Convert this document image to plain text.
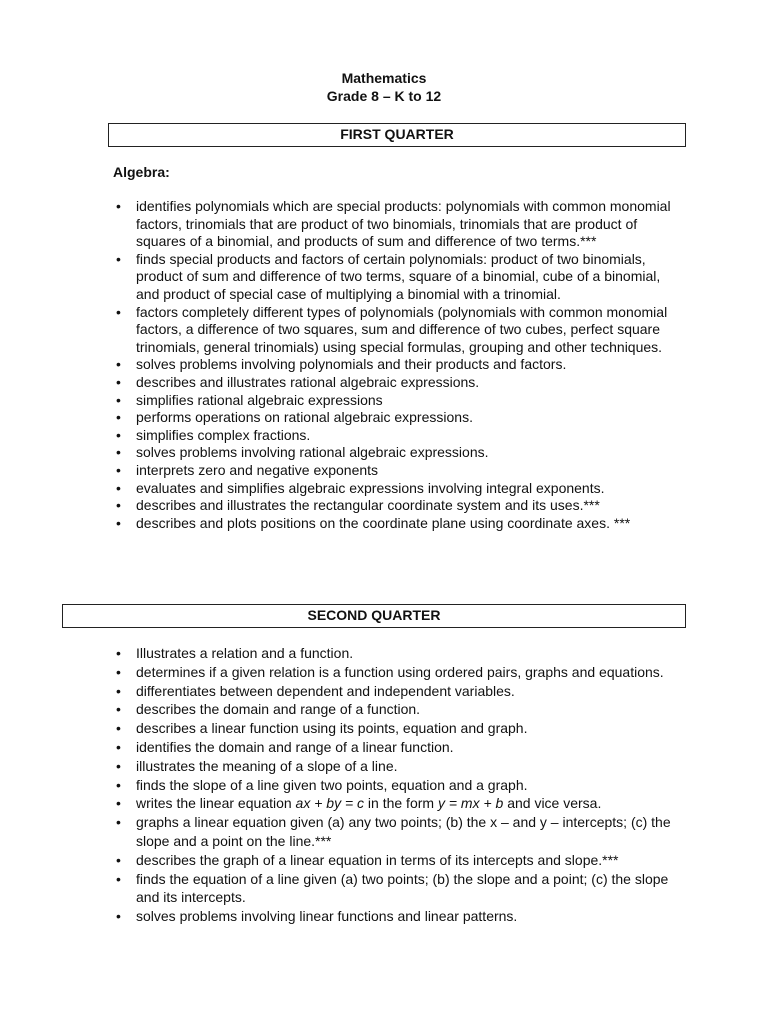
Mathematics
Grade 8 – K to 12
FIRST QUARTER
Algebra:
• identifies polynomials which are special products: polynomials with common monomial factors, trinomials that are product of two binomials, trinomials that are product of squares of a binomial, and products of sum and difference of two terms.***
• finds special products and factors of certain polynomials: product of two binomials, product of sum and difference of two terms, square of a binomial, cube of a binomial, and product of special case of multiplying a binomial with a trinomial.
• factors completely different types of polynomials (polynomials with common monomial factors, a difference of two squares, sum and difference of two cubes, perfect square trinomials, general trinomials) using special formulas, grouping and other techniques.
• solves problems involving polynomials and their products and factors.
• describes and illustrates rational algebraic expressions.
• simplifies rational algebraic expressions
• performs operations on rational algebraic expressions.
• simplifies complex fractions.
• solves problems involving rational algebraic expressions.
• interprets zero and negative exponents
• evaluates and simplifies algebraic expressions involving integral exponents.
• describes and illustrates the rectangular coordinate system and its uses.***
• describes and plots positions on the coordinate plane using coordinate axes. ***
SECOND QUARTER
• Illustrates a relation and a function.
• determines if a given relation is a function using ordered pairs, graphs and equations.
• differentiates between dependent and independent variables.
• describes the domain and range of a function.
• describes a linear function using its points, equation and graph.
• identifies the domain and range of a linear function.
• illustrates the meaning of a slope of a line.
• finds the slope of a line given two points, equation and a graph.
• writes the linear equation ax + by = c in the form y = mx + b and vice versa.
• graphs a linear equation given (a) any two points; (b) the x – and y – intercepts; (c) the slope and a point on the line.***
• describes the graph of a linear equation in terms of its intercepts and slope.***
• finds the equation of a line given (a) two points; (b) the slope and a point; (c) the slope and its intercepts.
• solves problems involving linear functions and linear patterns.
